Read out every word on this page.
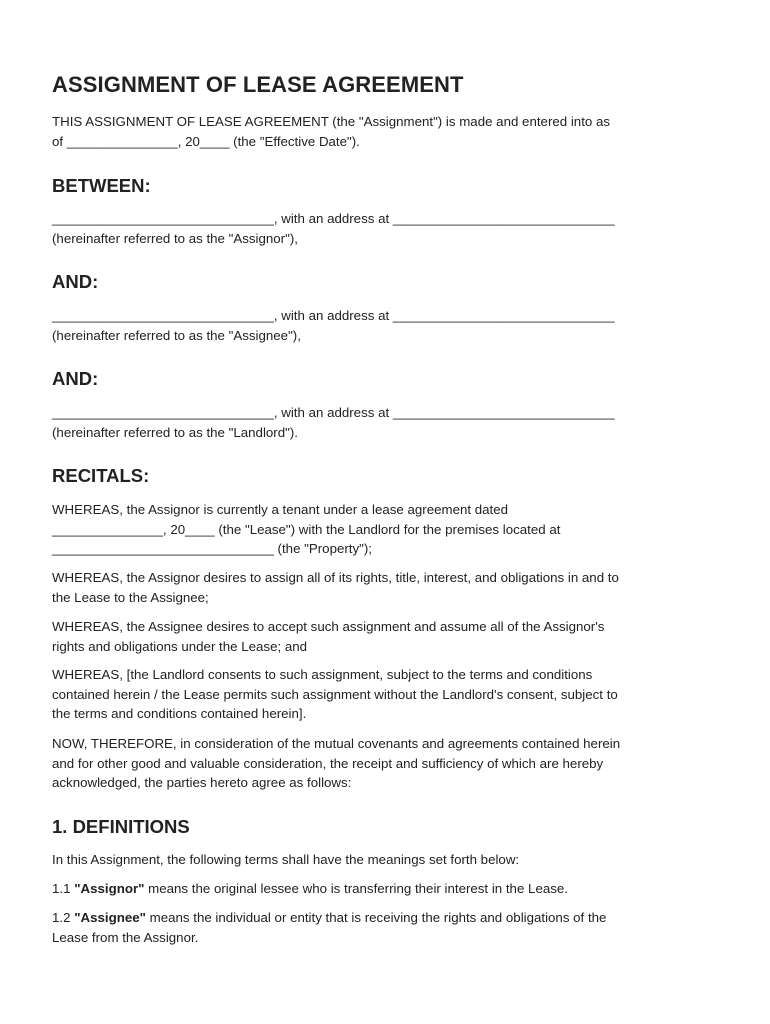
ASSIGNMENT OF LEASE AGREEMENT

THIS ASSIGNMENT OF LEASE AGREEMENT (the "Assignment") is made and entered into as
of _______________, 20____ (the "Effective Date").

BETWEEN:

______________________________, with an address at ______________________________
(hereinafter referred to as the "Assignor"),

AND:

______________________________, with an address at ______________________________
(hereinafter referred to as the "Assignee"),

AND:

______________________________, with an address at ______________________________
(hereinafter referred to as the "Landlord").

RECITALS:

WHEREAS, the Assignor is currently a tenant under a lease agreement dated
_______________, 20____ (the "Lease") with the Landlord for the premises located at
______________________________ (the "Property");

WHEREAS, the Assignor desires to assign all of its rights, title, interest, and obligations in and to
the Lease to the Assignee;

WHEREAS, the Assignee desires to accept such assignment and assume all of the Assignor's
rights and obligations under the Lease; and

WHEREAS, [the Landlord consents to such assignment, subject to the terms and conditions
contained herein / the Lease permits such assignment without the Landlord's consent, subject to
the terms and conditions contained herein].

NOW, THEREFORE, in consideration of the mutual covenants and agreements contained herein
and for other good and valuable consideration, the receipt and sufficiency of which are hereby
acknowledged, the parties hereto agree as follows:

1. DEFINITIONS

In this Assignment, the following terms shall have the meanings set forth below:

1.1 "Assignor" means the original lessee who is transferring their interest in the Lease.

1.2 "Assignee" means the individual or entity that is receiving the rights and obligations of the
Lease from the Assignor.
